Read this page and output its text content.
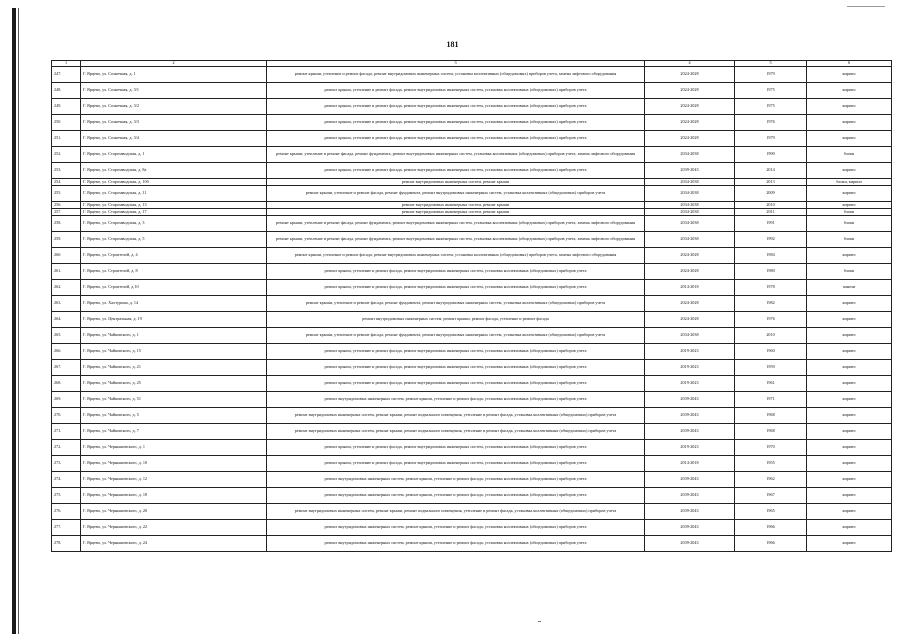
181
1	2	3	4	5	6
247.	Г. Ярцево, ул. Солнечная, д. 1	ремонт крыши, утепление и ремонт фасада, ремонт внутридомовых инженерных систем, установка коллективных (общедомовых) приборов учета, замена лифтового оборудования	2024-2028	1979	кирпич
248.	Г. Ярцево, ул. Солнечная, д. 3/1	ремонт крыши, утепление и ремонт фасада, ремонт внутридомовых инженерных систем, установка коллективных (общедомовых) приборов учета	2024-2028	1975	кирпич
249.	Г. Ярцево, ул. Солнечная, д. 3/2	ремонт крыши, утепление и ремонт фасада, ремонт внутридомовых инженерных систем, установка коллективных (общедомовых) приборов учета	2024-2028	1975	кирпич
250.	Г. Ярцево, ул. Солнечная, д. 3/3	ремонт крыши, утепление и ремонт фасада, ремонт внутридомовых инженерных систем, установка коллективных (общедомовых) приборов учета	2024-2028	1976	кирпич
251.	Г. Ярцево, ул. Солнечная, д. 3/4	ремонт крыши, утепление и ремонт фасада, ремонт внутридомовых инженерных систем, установка коллективных (общедомовых) приборов учета	2024-2028	1979	кирпич
252.	Г. Ярцево, ул. Старозаводская, д. 1	ремонт крыши, утепление и ремонт фасада, ремонт фундамента, ремонт внутридомовых инженерных систем, установка коллективных (общедомовых) приборов учета, замена лифтового оборудования	2034-2038	1990	блоки
253.	Г. Ярцево, ул. Старозаводская, д. 8а	ремонт крыши, утепление и ремонт фасада, ремонт внутридомовых инженерных систем, установка коллективных (общедомовых) приборов учета	2039-2043	2014	кирпич
254.	Г. Ярцево, ул. Старозаводская, д. 10б	ремонт внутридомовых инженерных систем, ремонт крыши	2034-2038	2013	блоки, кирпич
255.	Г. Ярцево, ул. Старозаводская, д. 11	ремонт крыши, утепление и ремонт фасада, ремонт фундамента, ремонт внутридомовых инженерных систем, установка коллективных (общедомовых) приборов учета	2034-2038	2009	кирпич
256.	Г. Ярцево, ул. Старозаводская, д. 13	ремонт внутридомовых инженерных систем, ремонт крыши	2034-2038	2010	кирпич
257.	Г. Ярцево, ул. Старозаводская, д. 17	ремонт внутридомовых инженерных систем, ремонт крыши	2034-2038	2011	блоки
258.	Г. Ярцево, ул. Старозаводская, д. 3	ремонт крыши, утепление и ремонт фасада, ремонт фундамента, ремонт внутридомовых инженерных систем, установка коллективных (общедомовых) приборов учета, замена лифтового оборудования	2034-2038	1991	блоки
259.	Г. Ярцево, ул. Старозаводская, д. 5	ремонт крыши, утепление и ремонт фасада, ремонт фундамента, ремонт внутридомовых инженерных систем, установка коллективных (общедомовых) приборов учета, замена лифтового оборудования	2034-2038	1992	блоки
260.	Г. Ярцево, ул. Строителей, д. 4	ремонт крыши, утепление и ремонт фасада, ремонт внутридомовых инженерных систем, установка коллективных (общедомовых) приборов учета, замена лифтового оборудования	2024-2028	1984	кирпич
261.	Г. Ярцево, ул. Строителей, д. 8	ремонт крыши, утепление и ремонт фасада, ремонт внутридомовых инженерных систем, установка коллективных (общедомовых) приборов учета	2024-2028	1980	блоки
262.	Г. Ярцево, ул. Строителей, д.10	ремонт крыши, утепление и ремонт фасада, ремонт внутридомовых инженерных систем, установка коллективных (общедомовых) приборов учета	2014-2018	1978	панели
263.	Г. Ярцево, ул. Халтурина, д. 14	ремонт крыши, утепление и ремонт фасада, ремонт фундамента, ремонт внутридомовых инженерных систем, установка коллективных (общедомовых) приборов учета	2024-2028	1982	кирпич
264.	Г. Ярцево, ул. Центральная, д. 19	ремонт внутридомовых инженерных систем, ремонт крыши, ремонт фасада, утепление и ремонт фасада	2024-2028	1976	кирпич
265.	Г. Ярцево, ул. Чайковского, д. 1	ремонт крыши, утепление и ремонт фасада, ремонт фундамента, ремонт внутридомовых инженерных систем, установка коллективных (общедомовых) приборов учета	2034-2038	2010	кирпич
266.	Г. Ярцево, ул. Чайковского, д. 15	ремонт крыши, утепление и ремонт фасада, ремонт внутридомовых инженерных систем, установка коллективных (общедомовых) приборов учета	2019-2023	1960	кирпич
267.	Г. Ярцево, ул. Чайковского, д. 21	ремонт крыши, утепление и ремонт фасада, ремонт внутридомовых инженерных систем, установка коллективных (общедомовых) приборов учета	2019-2023	1959	кирпич
268.	Г. Ярцево, ул. Чайковского, д. 25	ремонт крыши, утепление и ремонт фасада, ремонт внутридомовых инженерных систем, установка коллективных (общедомовых) приборов учета	2019-2023	1961	кирпич
269.	Г. Ярцево, ул. Чайковского, д. 51	ремонт внутридомовых инженерных систем, ремонт крыши, утепление и ремонт фасада, установка коллективных (общедомовых) приборов учета	2039-2043	1971	кирпич
270.	Г. Ярцево, ул. Чайковского, д. 5	ремонт внутридомовых инженерных систем, ремонт крыши, ремонт подвального помещения, утепление и ремонт фасада, установка коллективных (общедомовых) приборов учета	2039-2043	1968	кирпич
271.	Г. Ярцево, ул. Чайковского, д. 7	ремонт внутридомовых инженерных систем, ремонт крыши, ремонт подвального помещения, утепление и ремонт фасада, установка коллективных (общедомовых) приборов учета	2039-2043	1968	кирпич
272.	Г. Ярцево, ул. Чернышевского, д. 1	ремонт крыши, утепление и ремонт фасада, ремонт внутридомовых инженерных систем, установка коллективных (общедомовых) приборов учета	2019-2023	1970	кирпич
273.	Г. Ярцево, ул. Чернышевского, д. 10	ремонт крыши, утепление и ремонт фасада, ремонт внутридомовых инженерных систем, установка коллективных (общедомовых) приборов учета	2014-2018	1955	кирпич
274.	Г. Ярцево, ул. Чернышевского, д. 12	ремонт внутридомовых инженерных систем, ремонт крыши, утепление и ремонт фасада, установка коллективных (общедомовых) приборов учета	2039-2043	1962	кирпич
275.	Г. Ярцево, ул. Чернышевского, д. 18	ремонт внутридомовых инженерных систем, ремонт крыши, утепление и ремонт фасада, установка коллективных (общедомовых) приборов учета	2039-2043	1967	кирпич
276.	Г. Ярцево, ул. Чернышевского, д. 20	ремонт внутридомовых инженерных систем, ремонт крыши, ремонт подвального помещения, утепление и ремонт фасада, установка коллективных (общедомовых) приборов учета	2039-2043	1965	кирпич
277.	Г. Ярцево, ул. Чернышевского, д. 22	ремонт внутридомовых инженерных систем, ремонт крыши, утепление и ремонт фасада, установка коллективных (общедомовых) приборов учета	2039-2043	1966	кирпич
278.	Г. Ярцево, ул. Чернышевского, д. 24	ремонт внутридомовых инженерных систем, ремонт крыши, утепление и ремонт фасада, установка коллективных (общедомовых) приборов учета	2039-2043	1966	кирпич
